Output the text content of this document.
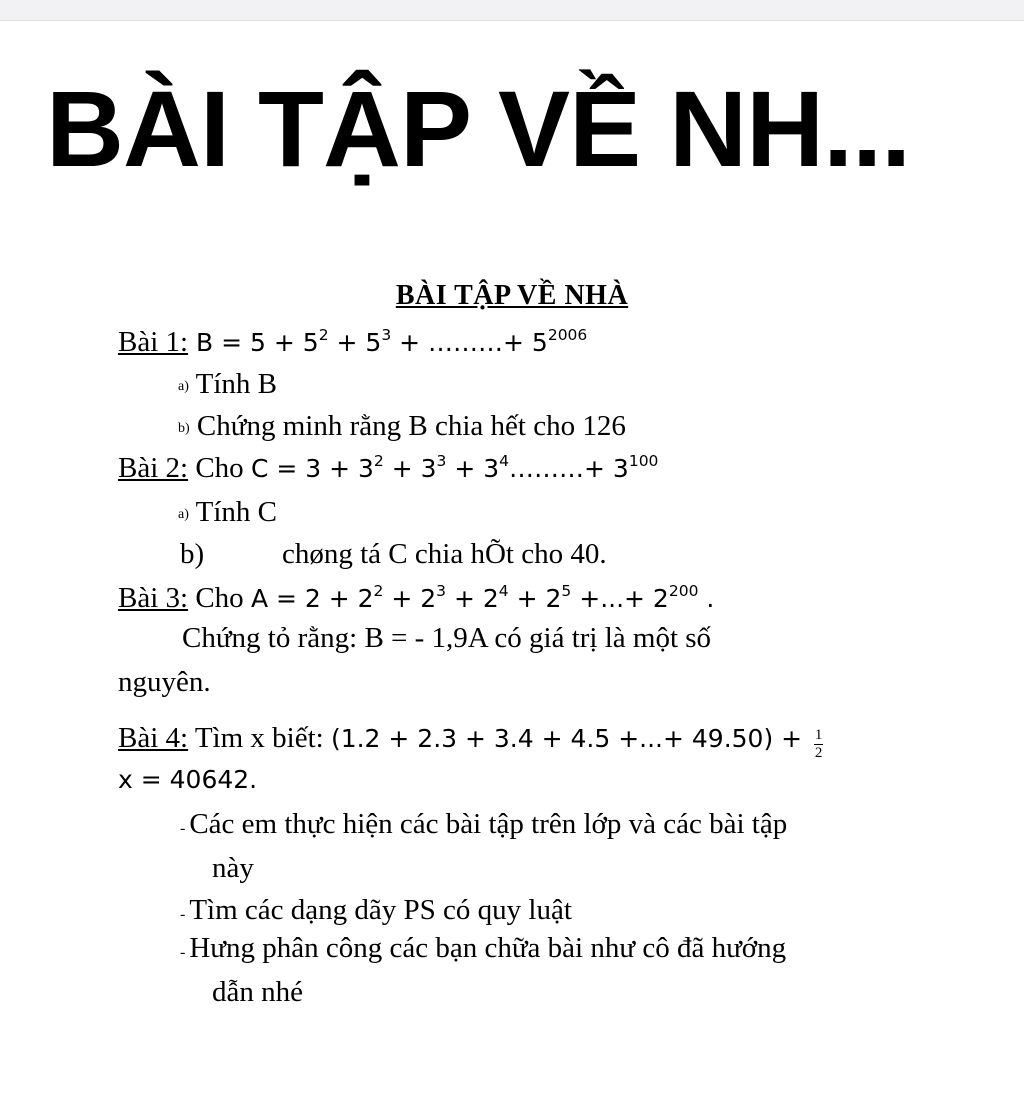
BÀI TẬP VỀ NH...
BÀI TẬP VỀ NHÀ
Bài 1: $B = 5 + 5^2 + 5^3$ + ………+ $5^{2006}$
a) Tính B
b) Chứng minh rằng B chia hết cho 126
Bài 2: Cho $C = 3 + 3^2 + 3^3$ + $3^4\dots\dots\dots+ 3^{100}$
a) Tính C
b)	chøng tá C chia hÕt cho 40.
Bài 3: Cho $A = 2 + 2^2 + 2^3 + 2^4 + 2^5$ +...+ $2^{200}$ .
Chứng tỏ rằng: B = - 1,9A có giá trị là một số
nguyên.
Bài 4: Tìm x biết: (1.2 + 2.3 + 3.4 + 4.5 +...+ $49.50) + \frac{1}{2}$
x = 40642.
- Các em thực hiện các bài tập trên lớp và các bài tập
này
- Tìm các dạng dãy PS có quy luật
- Hưng phân công các bạn chữa bài như cô đã hướng
dẫn nhé
